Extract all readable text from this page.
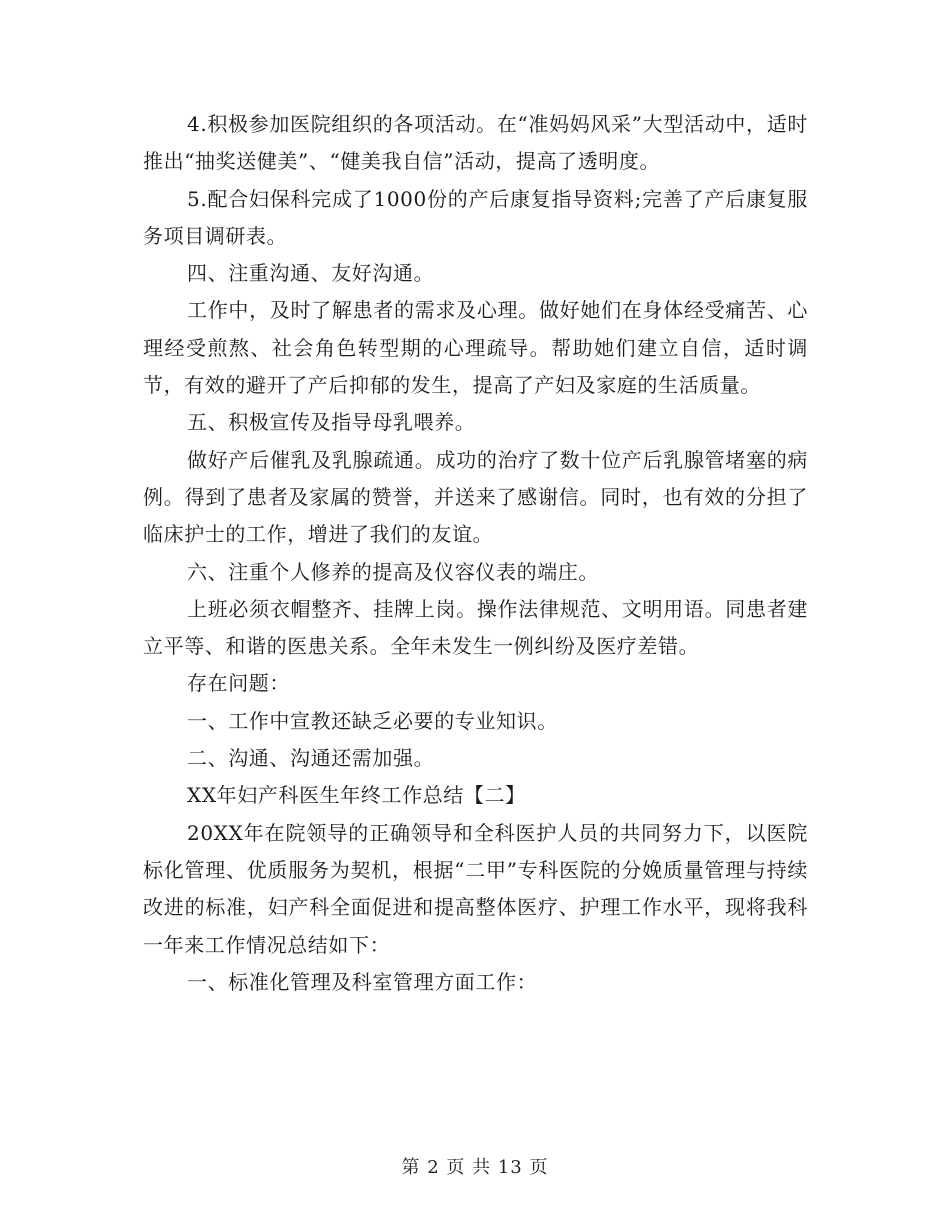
4.积极参加医院组织的各项活动。在“准妈妈风采”大型活动中，适时推出“抽奖送健美”、“健美我自信”活动，提高了透明度。

5.配合妇保科完成了1000份的产后康复指导资料;完善了产后康复服务项目调研表。

四、注重沟通、友好沟通。

工作中，及时了解患者的需求及心理。做好她们在身体经受痛苦、心理经受煎熬、社会角色转型期的心理疏导。帮助她们建立自信，适时调节，有效的避开了产后抑郁的发生，提高了产妇及家庭的生活质量。

五、积极宣传及指导母乳喂养。

做好产后催乳及乳腺疏通。成功的治疗了数十位产后乳腺管堵塞的病例。得到了患者及家属的赞誉，并送来了感谢信。同时，也有效的分担了临床护士的工作，增进了我们的友谊。

六、注重个人修养的提高及仪容仪表的端庄。

上班必须衣帽整齐、挂牌上岗。操作法律规范、文明用语。同患者建立平等、和谐的医患关系。全年未发生一例纠纷及医疗差错。

存在问题：

一、工作中宣教还缺乏必要的专业知识。

二、沟通、沟通还需加强。

XX年妇产科医生年终工作总结【二】

20XX年在院领导的正确领导和全科医护人员的共同努力下，以医院标化管理、优质服务为契机，根据“二甲”专科医院的分娩质量管理与持续改进的标准，妇产科全面促进和提高整体医疗、护理工作水平，现将我科一年来工作情况总结如下：

一、标准化管理及科室管理方面工作：

第 2 页 共 13 页
